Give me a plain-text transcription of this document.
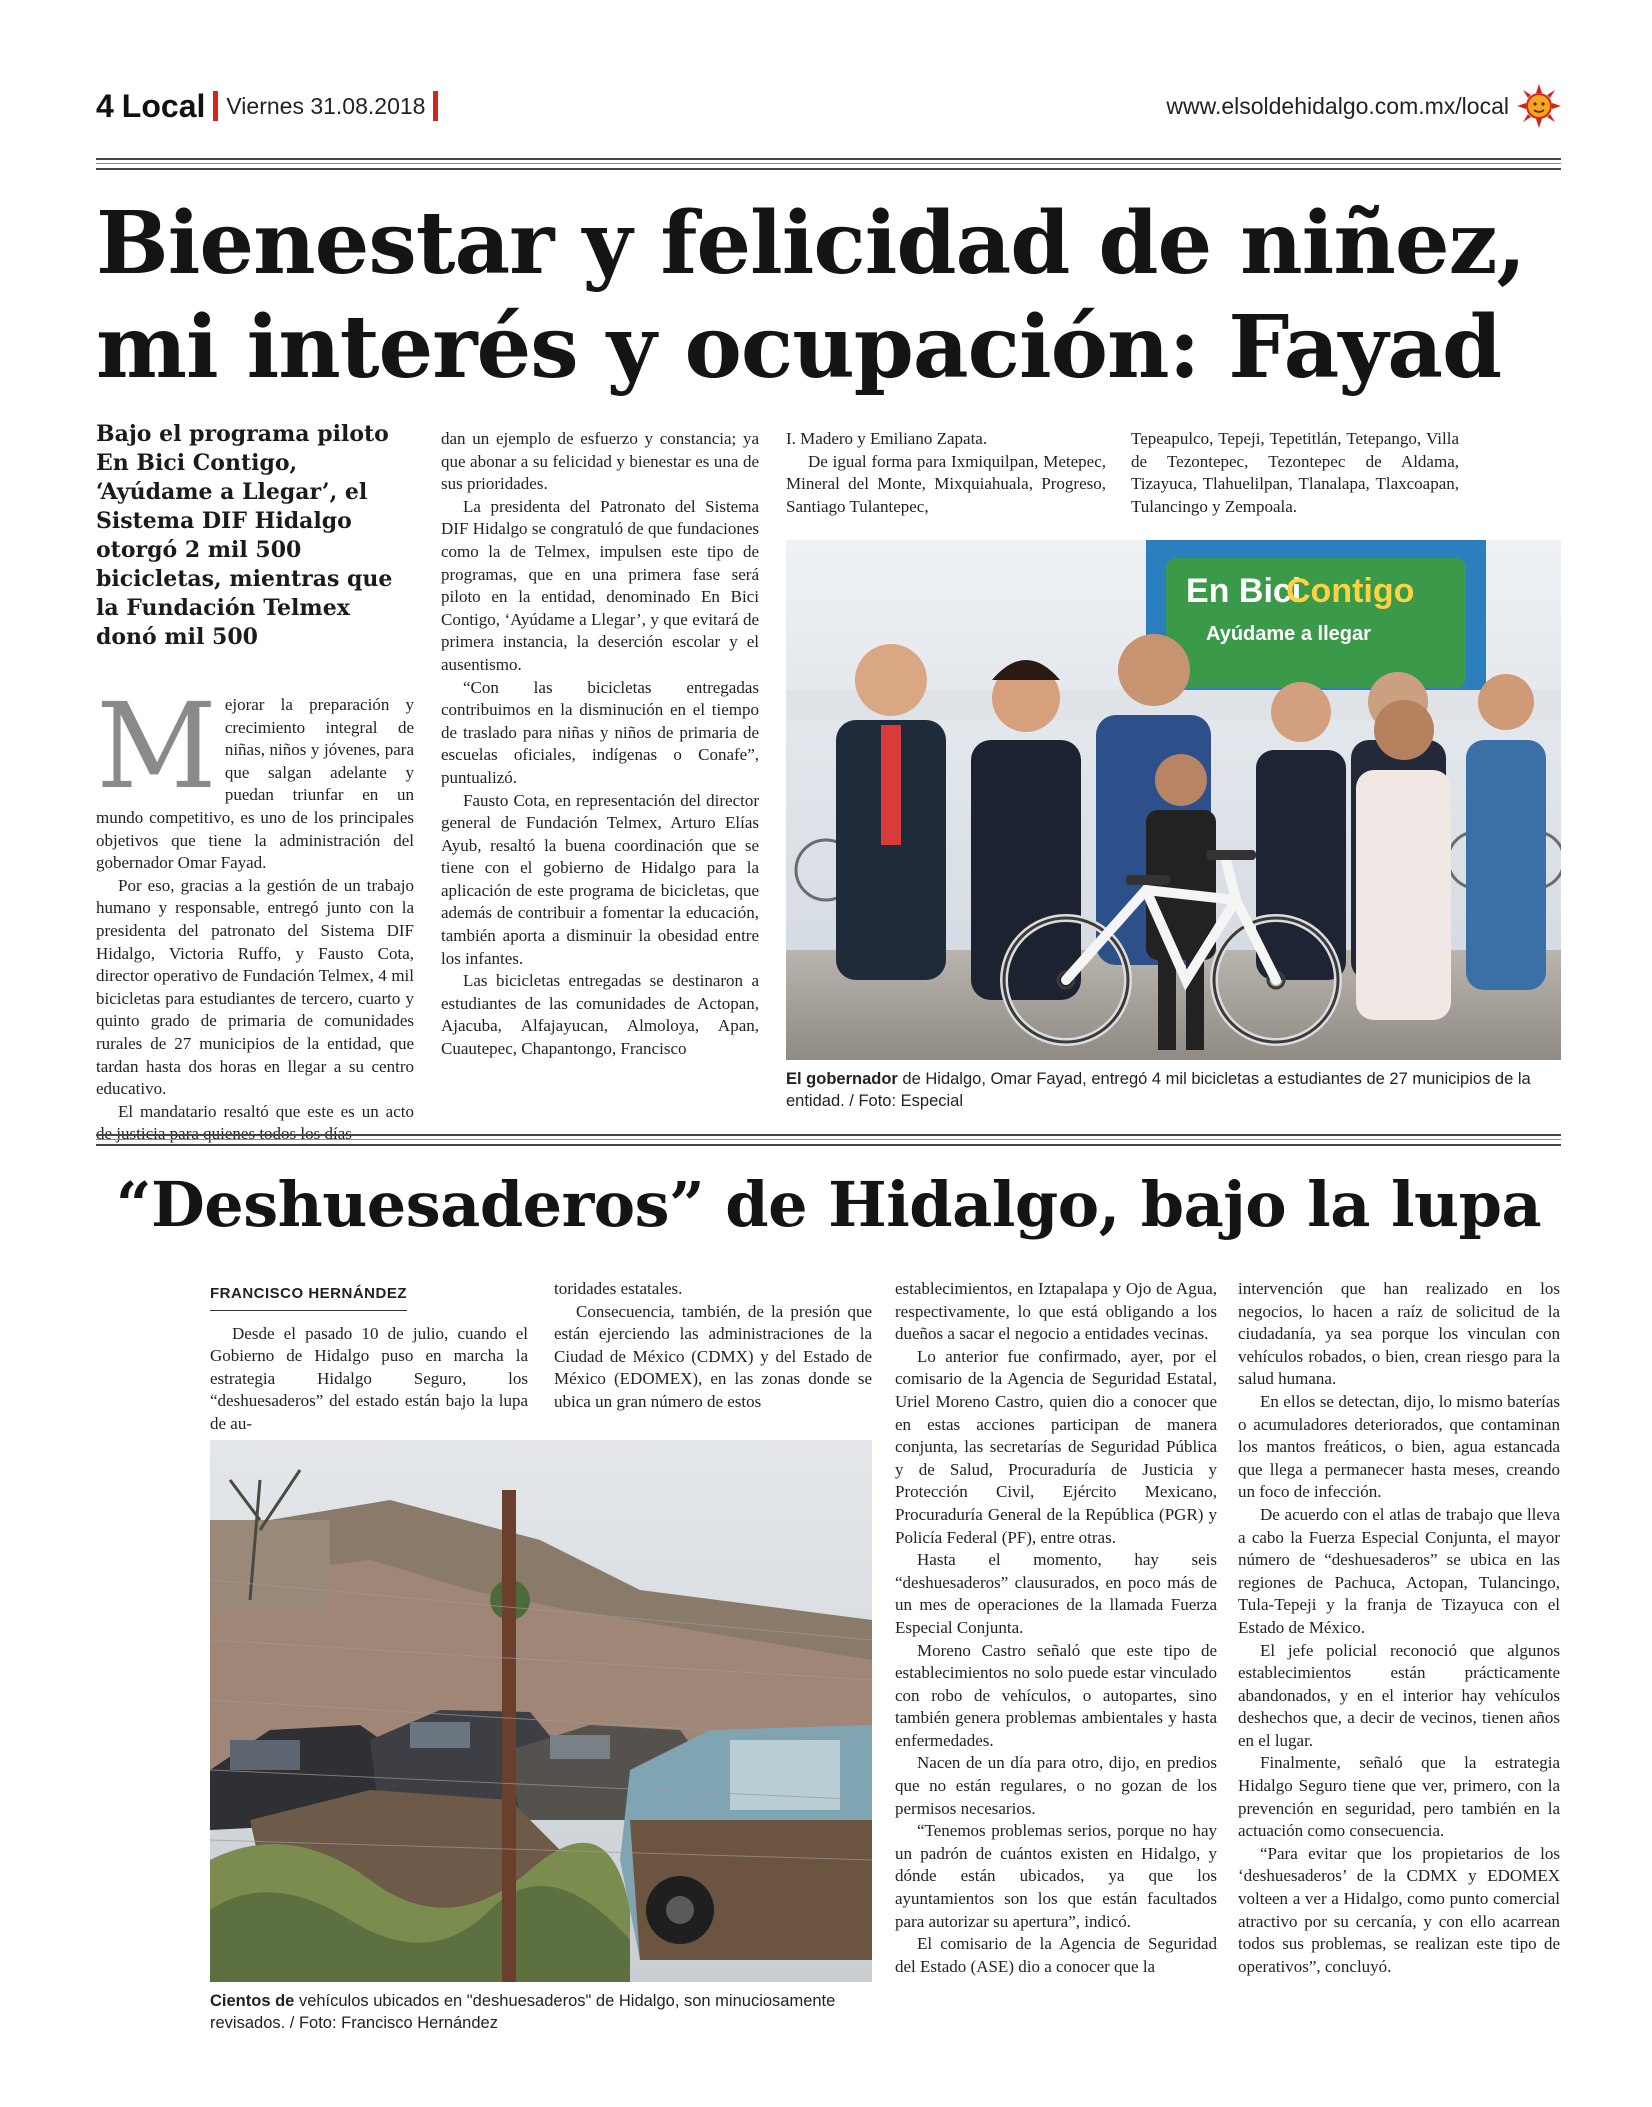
4 Local Viernes 31.08.2018	www.elsoldehidalgo.com.mx/local
Bienestar y felicidad de niñez, mi interés y ocupación: Fayad
Bajo el programa piloto En Bici Contigo, ‘Ayúdame a Llegar’, el Sistema DIF Hidalgo otorgó 2 mil 500 bicicletas, mientras que la Fundación Telmex donó mil 500

Mejorar la preparación y crecimiento integral de niñas, niños y jóvenes, para que salgan adelante y puedan triunfar en un mundo competitivo, es uno de los principales objetivos que tiene la administración del gobernador Omar Fayad.

Por eso, gracias a la gestión de un trabajo humano y responsable, entregó junto con la presidenta del patronato del Sistema DIF Hidalgo, Victoria Ruffo, y Fausto Cota, director operativo de Fundación Telmex, 4 mil bicicletas para estudiantes de tercero, cuarto y quinto grado de primaria de comunidades rurales de 27 municipios de la entidad, que tardan hasta dos horas en llegar a su centro educativo.

El mandatario resaltó que este es un acto de justicia para quienes todos los días

dan un ejemplo de esfuerzo y constancia; ya que abonar a su felicidad y bienestar es una de sus prioridades.

La presidenta del Patronato del Sistema DIF Hidalgo se congratuló de que fundaciones como la de Telmex, impulsen este tipo de programas, que en una primera fase será piloto en la entidad, denominado En Bici Contigo, ‘Ayúdame a Llegar’, y que evitará de primera instancia, la deserción escolar y el ausentismo.

“Con las bicicletas entregadas contribuimos en la disminución en el tiempo de traslado para niñas y niños de primaria de escuelas oficiales, indígenas o Conafe”, puntualizó.

Fausto Cota, en representación del director general de Fundación Telmex, Arturo Elías Ayub, resaltó la buena coordinación que se tiene con el gobierno de Hidalgo para la aplicación de este programa de bicicletas, que además de contribuir a fomentar la educación, también aporta a disminuir la obesidad entre los infantes.

Las bicicletas entregadas se destinaron a estudiantes de las comunidades de Actopan, Ajacuba, Alfajayucan, Almoloya, Apan, Cuautepec, Chapantongo, Francisco

I. Madero y Emiliano Zapata.

De igual forma para Ixmiquilpan, Metepec, Mineral del Monte, Mixquiahuala, Progreso, Santiago Tulantepec,

Tepeapulco, Tepeji, Tepetitlán, Tetepango, Villa de Tezontepec, Tezontepec de Aldama, Tizayuca, Tlahuelilpan, Tlanalapa, Tlaxcoapan, Tulancingo y Zempoala.

En Bici
Contigo
Ayúdame a llegar
El gobernador de Hidalgo, Omar Fayad, entregó 4 mil bicicletas a estudiantes de 27 municipios de la entidad. / Foto: Especial
“Deshuesaderos” de Hidalgo, bajo la lupa
FRANCISCO HERNÁNDEZ

Desde el pasado 10 de julio, cuando el Gobierno de Hidalgo puso en marcha la estrategia Hidalgo Seguro, los “deshuesaderos” del estado están bajo la lupa de au-

toridades estatales.

Consecuencia, también, de la presión que están ejerciendo las administraciones de la Ciudad de México (CDMX) y del Estado de México (EDOMEX), en las zonas donde se ubica un gran número de estos

establecimientos, en Iztapalapa y Ojo de Agua, respectivamente, lo que está obligando a los dueños a sacar el negocio a entidades vecinas.

Lo anterior fue confirmado, ayer, por el comisario de la Agencia de Seguridad Estatal, Uriel Moreno Castro, quien dio a conocer que en estas acciones participan de manera conjunta, las secretarías de Seguridad Pública y de Salud, Procuraduría de Justicia y Protección Civil, Ejército Mexicano, Procuraduría General de la República (PGR) y Policía Federal (PF), entre otras.

Hasta el momento, hay seis “deshuesaderos” clausurados, en poco más de un mes de operaciones de la llamada Fuerza Especial Conjunta.

Moreno Castro señaló que este tipo de establecimientos no solo puede estar vinculado con robo de vehículos, o autopartes, sino también genera problemas ambientales y hasta enfermedades.

Nacen de un día para otro, dijo, en predios que no están regulares, o no gozan de los permisos necesarios.

“Tenemos problemas serios, porque no hay un padrón de cuántos existen en Hidalgo, y dónde están ubicados, ya que los ayuntamientos son los que están facultados para autorizar su apertura”, indicó.

El comisario de la Agencia de Seguridad del Estado (ASE) dio a conocer que la

intervención que han realizado en los negocios, lo hacen a raíz de solicitud de la ciudadanía, ya sea porque los vinculan con vehículos robados, o bien, crean riesgo para la salud humana.

En ellos se detectan, dijo, lo mismo baterías o acumuladores deteriorados, que contaminan los mantos freáticos, o bien, agua estancada que llega a permanecer hasta meses, creando un foco de infección.

De acuerdo con el atlas de trabajo que lleva a cabo la Fuerza Especial Conjunta, el mayor número de “deshuesaderos” se ubica en las regiones de Pachuca, Actopan, Tulancingo, Tula-Tepeji y la franja de Tizayuca con el Estado de México.

El jefe policial reconoció que algunos establecimientos están prácticamente abandonados, y en el interior hay vehículos deshechos que, a decir de vecinos, tienen años en el lugar.

Finalmente, señaló que la estrategia Hidalgo Seguro tiene que ver, primero, con la prevención en seguridad, pero también en la actuación como consecuencia.

“Para evitar que los propietarios de los ‘deshuesaderos’ de la CDMX y EDOMEX volteen a ver a Hidalgo, como punto comercial atractivo por su cercanía, y con ello acarrean todos sus problemas, se realizan este tipo de operativos”, concluyó.

Cientos de vehículos ubicados en "deshuesaderos" de Hidalgo, son minuciosamente revisados. / Foto: Francisco Hernández
